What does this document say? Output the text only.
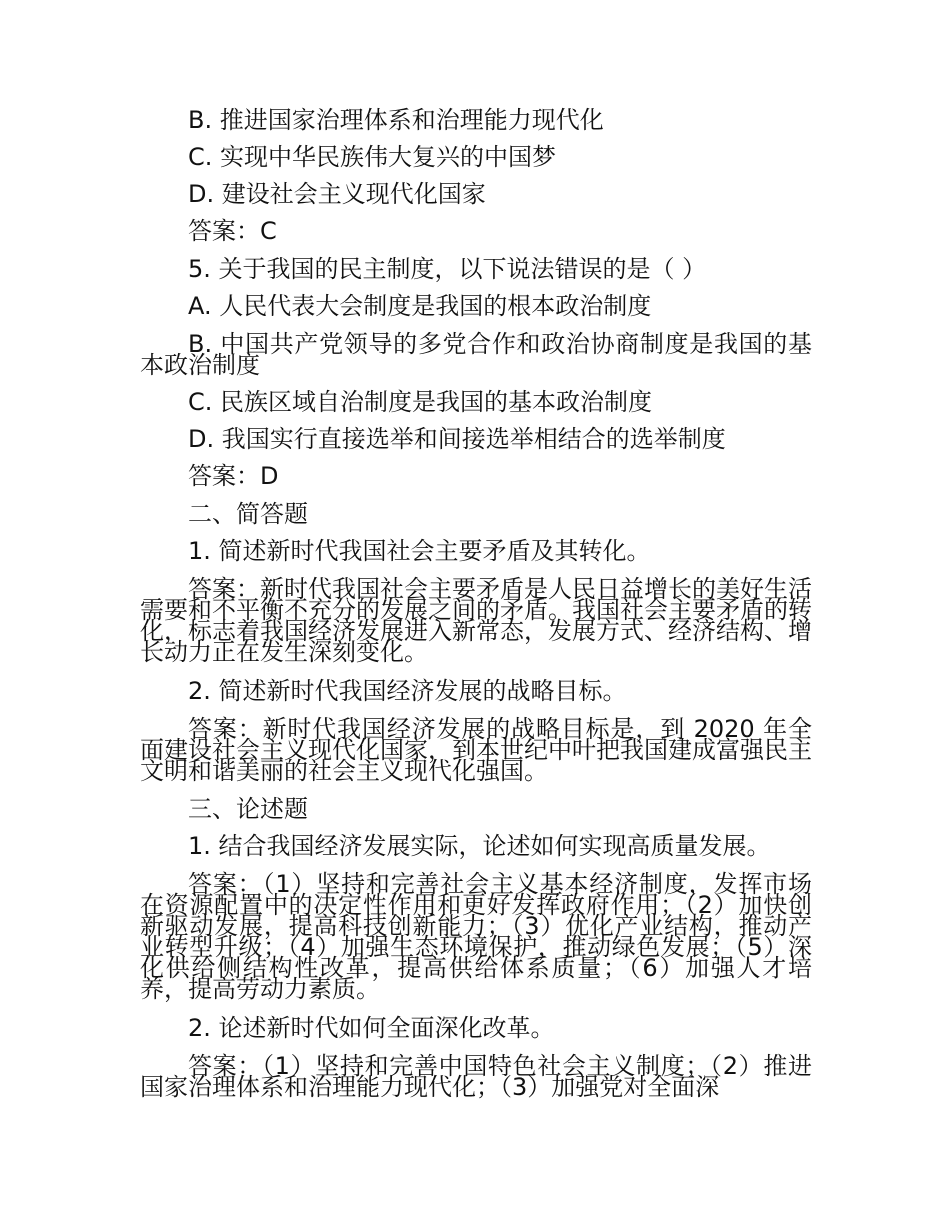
B. 推进国家治理体系和治理能力现代化
C. 实现中华民族伟大复兴的中国梦
D. 建设社会主义现代化国家
答案：C
5. 关于我国的民主制度，以下说法错误的是（ ）
A. 人民代表大会制度是我国的根本政治制度
B. 中国共产党领导的多党合作和政治协商制度是我国的基本政治制度
C. 民族区域自治制度是我国的基本政治制度
D. 我国实行直接选举和间接选举相结合的选举制度
答案：D
二、简答题
1. 简述新时代我国社会主要矛盾及其转化。
答案：新时代我国社会主要矛盾是人民日益增长的美好生活需要和不平衡不充分的发展之间的矛盾。我国社会主要矛盾的转化，标志着我国经济发展进入新常态，发展方式、经济结构、增长动力正在发生深刻变化。
2. 简述新时代我国经济发展的战略目标。
答案：新时代我国经济发展的战略目标是，到 2020 年全面建设社会主义现代化国家，到本世纪中叶把我国建成富强民主文明和谐美丽的社会主义现代化强国。
三、论述题
1. 结合我国经济发展实际，论述如何实现高质量发展。
答案：（1）坚持和完善社会主义基本经济制度，发挥市场在资源配置中的决定性作用和更好发挥政府作用；（2）加快创新驱动发展，提高科技创新能力；（3）优化产业结构，推动产业转型升级；（4）加强生态环境保护，推动绿色发展；（5）深化供给侧结构性改革，提高供给体系质量；（6）加强人才培养，提高劳动力素质。
2. 论述新时代如何全面深化改革。
答案：（1）坚持和完善中国特色社会主义制度；（2）推进国家治理体系和治理能力现代化；（3）加强党对全面深
